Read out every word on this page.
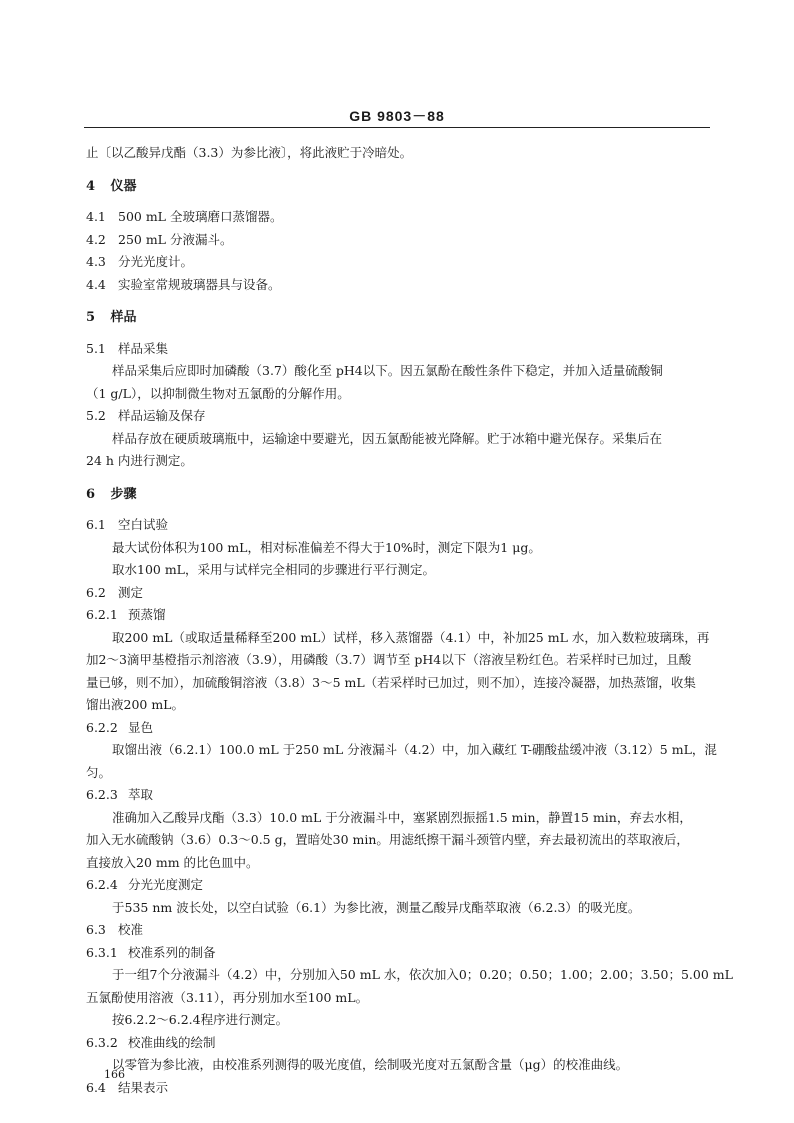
GB 9803－88

止〔以乙酸异戊酯（3.3）为参比液〕，将此液贮于冷暗处。

4 仪器

4.1 500 mL 全玻璃磨口蒸馏器。

4.2 250 mL 分液漏斗。

4.3 分光光度计。

4.4 实验室常规玻璃器具与设备。

5 样品

5.1 样品采集

样品采集后应即时加磷酸（3.7）酸化至 pH4以下。因五氯酚在酸性条件下稳定，并加入适量硫酸铜

（1 g/L），以抑制微生物对五氯酚的分解作用。

5.2 样品运输及保存

样品存放在硬质玻璃瓶中，运输途中要避光，因五氯酚能被光降解。贮于冰箱中避光保存。采集后在

24 h 内进行测定。

6 步骤

6.1 空白试验

最大试份体积为100 mL，相对标准偏差不得大于10%时，测定下限为1 μg。

取水100 mL，采用与试样完全相同的步骤进行平行测定。

6.2 测定

6.2.1 预蒸馏

取200 mL（或取适量稀释至200 mL）试样，移入蒸馏器（4.1）中，补加25 mL 水，加入数粒玻璃珠，再

加2～3滴甲基橙指示剂溶液（3.9），用磷酸（3.7）调节至 pH4以下（溶液呈粉红色。若采样时已加过，且酸

量已够，则不加），加硫酸铜溶液（3.8）3～5 mL（若采样时已加过，则不加），连接冷凝器，加热蒸馏，收集

馏出液200 mL。

6.2.2 显色

取馏出液（6.2.1）100.0 mL 于250 mL 分液漏斗（4.2）中，加入藏红 T-硼酸盐缓冲液（3.12）5 mL，混

匀。

6.2.3 萃取

准确加入乙酸异戊酯（3.3）10.0 mL 于分液漏斗中，塞紧剧烈振摇1.5 min，静置15 min，弃去水相，

加入无水硫酸钠（3.6）0.3～0.5 g，置暗处30 min。用滤纸擦干漏斗颈管内壁，弃去最初流出的萃取液后，

直接放入20 mm 的比色皿中。

6.2.4 分光光度测定

于535 nm 波长处，以空白试验（6.1）为参比液，测量乙酸异戊酯萃取液（6.2.3）的吸光度。

6.3 校准

6.3.1 校准系列的制备

于一组7个分液漏斗（4.2）中，分别加入50 mL 水，依次加入0；0.20；0.50；1.00；2.00；3.50；5.00 mL

五氯酚使用溶液（3.11），再分别加水至100 mL。

按6.2.2～6.2.4程序进行测定。

6.3.2 校准曲线的绘制

以零管为参比液，由校准系列测得的吸光度值，绘制吸光度对五氯酚含量（μg）的校准曲线。

6.4 结果表示

166
